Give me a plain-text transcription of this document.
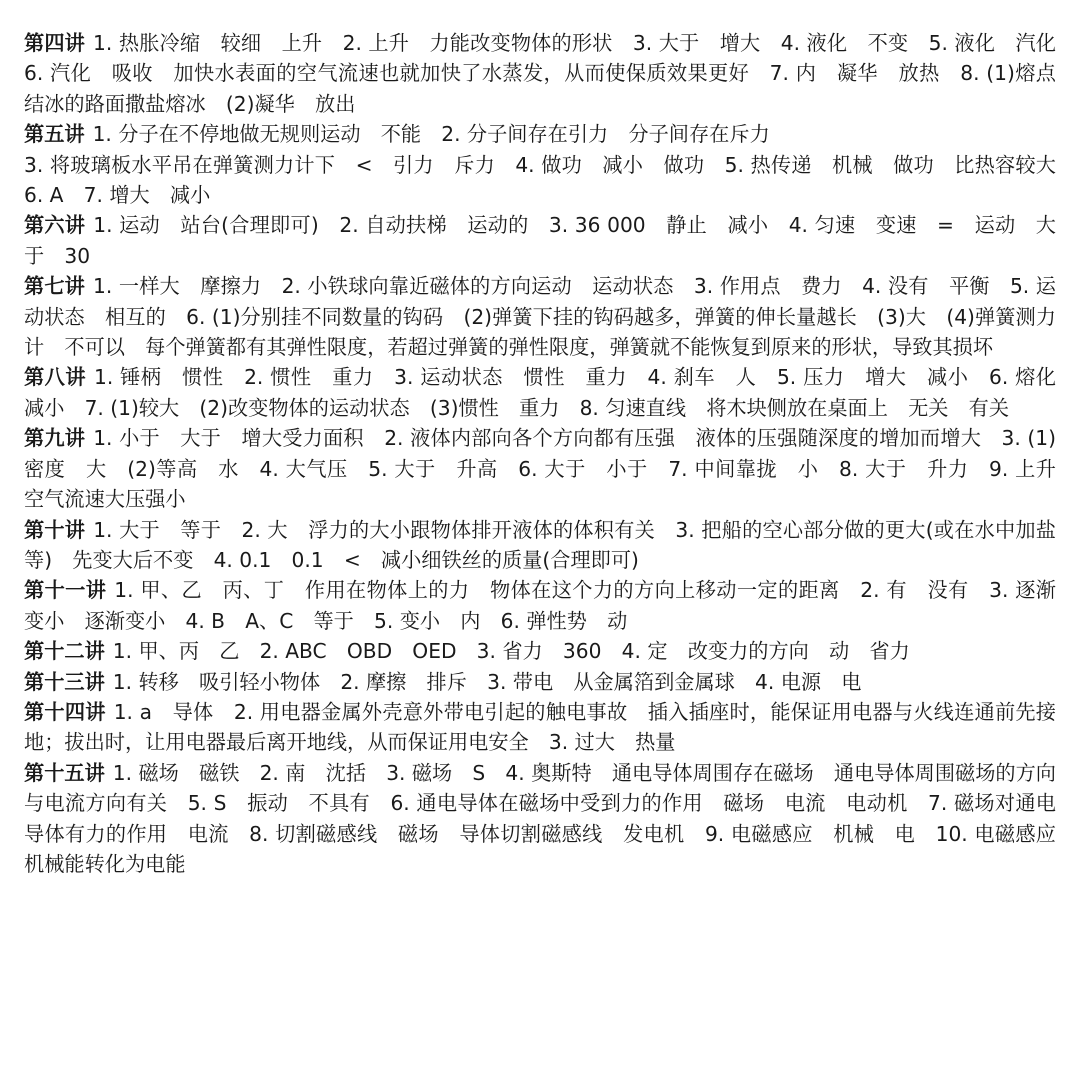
第四讲 1. 热胀冷缩　较细　上升　2. 上升　力能改变物体的形状　3. 大于　增大　4. 液化　不变　5. 液化　汽化　6. 汽化　吸收　加快水表面的空气流速也就加快了水蒸发，从而使保质效果更好　7. 内　凝华　放热　8. (1)熔点　结冰的路面撒盐熔冰　(2)凝华　放出

第五讲 1. 分子在不停地做无规则运动　不能　2. 分子间存在引力　分子间存在斥力
3. 将玻璃板水平吊在弹簧测力计下　<　引力　斥力　4. 做功　减小　做功　5. 热传递　机械　做功　比热容较大　6. A　7. 增大　减小

第六讲 1. 运动　站台(合理即可)　2. 自动扶梯　运动的　3. 36 000　静止　减小　4. 匀速　变速　=　运动　大于　30

第七讲 1. 一样大　摩擦力　2. 小铁球向靠近磁体的方向运动　运动状态　3. 作用点　费力　4. 没有　平衡　5. 运动状态　相互的　6. (1)分别挂不同数量的钩码　(2)弹簧下挂的钩码越多，弹簧的伸长量越长　(3)大　(4)弹簧测力计　不可以　每个弹簧都有其弹性限度，若超过弹簧的弹性限度，弹簧就不能恢复到原来的形状，导致其损坏

第八讲 1. 锤柄　惯性　2. 惯性　重力　3. 运动状态　惯性　重力　4. 刹车　人　5. 压力　增大　减小　6. 熔化　减小　7. (1)较大　(2)改变物体的运动状态　(3)惯性　重力　8. 匀速直线　将木块侧放在桌面上　无关　有关

第九讲 1. 小于　大于　增大受力面积　2. 液体内部向各个方向都有压强　液体的压强随深度的增加而增大　3. (1)密度　大　(2)等高　水　4. 大气压　5. 大于　升高　6. 大于　小于　7. 中间靠拢　小　8. 大于　升力　9. 上升　空气流速大压强小

第十讲 1. 大于　等于　2. 大　浮力的大小跟物体排开液体的体积有关　3. 把船的空心部分做的更大(或在水中加盐等)　先变大后不变　4. 0.1　0.1　<　减小细铁丝的质量(合理即可)

第十一讲 1. 甲、乙　丙、丁　作用在物体上的力　物体在这个力的方向上移动一定的距离　2. 有　没有　3. 逐渐变小　逐渐变小　4. B　A、C　等于　5. 变小　内　6. 弹性势　动

第十二讲 1. 甲、丙　乙　2. ABC　OBD　OED　3. 省力　360　4. 定　改变力的方向　动　省力

第十三讲 1. 转移　吸引轻小物体　2. 摩擦　排斥　3. 带电　从金属箔到金属球　4. 电源　电

第十四讲 1. a　导体　2. 用电器金属外壳意外带电引起的触电事故　插入插座时，能保证用电器与火线连通前先接地；拔出时，让用电器最后离开地线，从而保证用电安全　3. 过大　热量

第十五讲 1. 磁场　磁铁　2. 南　沈括　3. 磁场　S　4. 奥斯特　通电导体周围存在磁场　通电导体周围磁场的方向与电流方向有关　5. S　振动　不具有　6. 通电导体在磁场中受到力的作用　磁场　电流　电动机　7. 磁场对通电导体有力的作用　电流　8. 切割磁感线　磁场　导体切割磁感线　发电机　9. 电磁感应　机械　电　10. 电磁感应　机械能转化为电能
